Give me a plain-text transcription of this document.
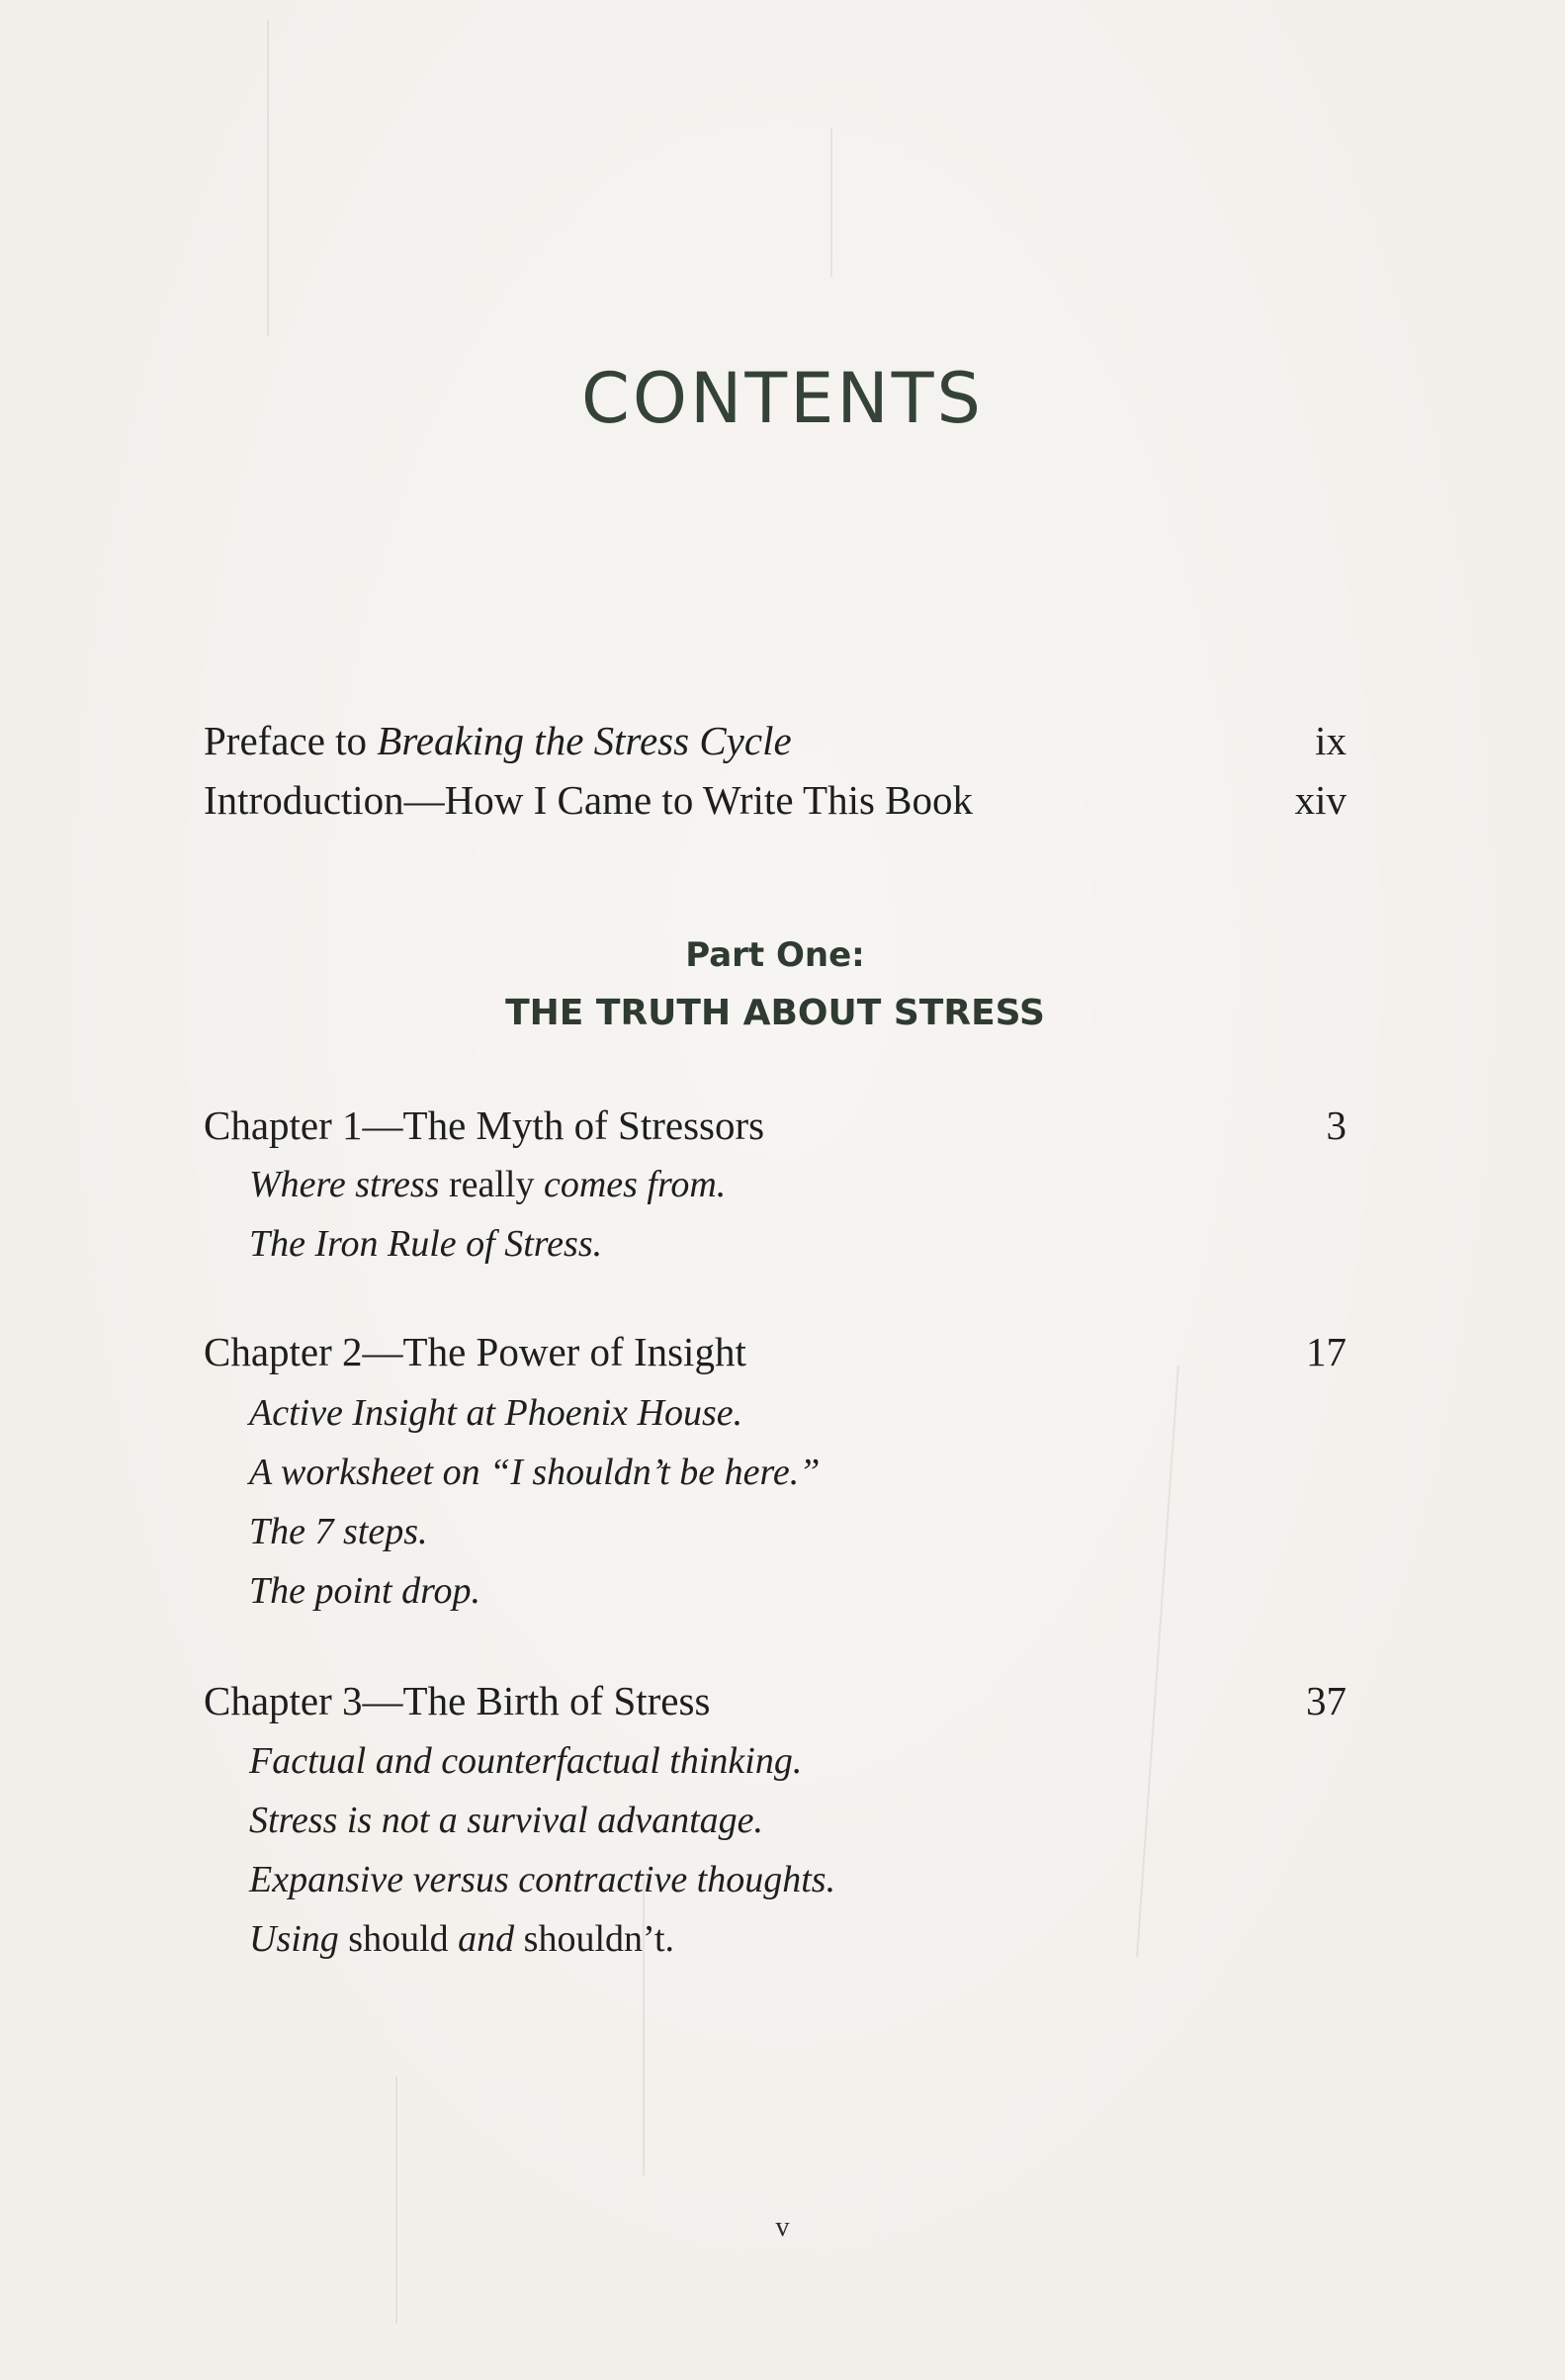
CONTENTS
Preface to Breaking the Stress Cycle	ix
Introduction—How I Came to Write This Book	xiv
Part One:
THE TRUTH ABOUT STRESS
Chapter 1—The Myth of Stressors	3
Where stress really comes from.
The Iron Rule of Stress.
Chapter 2—The Power of Insight	17
Active Insight at Phoenix House.
A worksheet on “I shouldn’t be here.”
The 7 steps.
The point drop.
Chapter 3—The Birth of Stress	37
Factual and counterfactual thinking.
Stress is not a survival advantage.
Expansive versus contractive thoughts.
Using should and shouldn’t.
v
